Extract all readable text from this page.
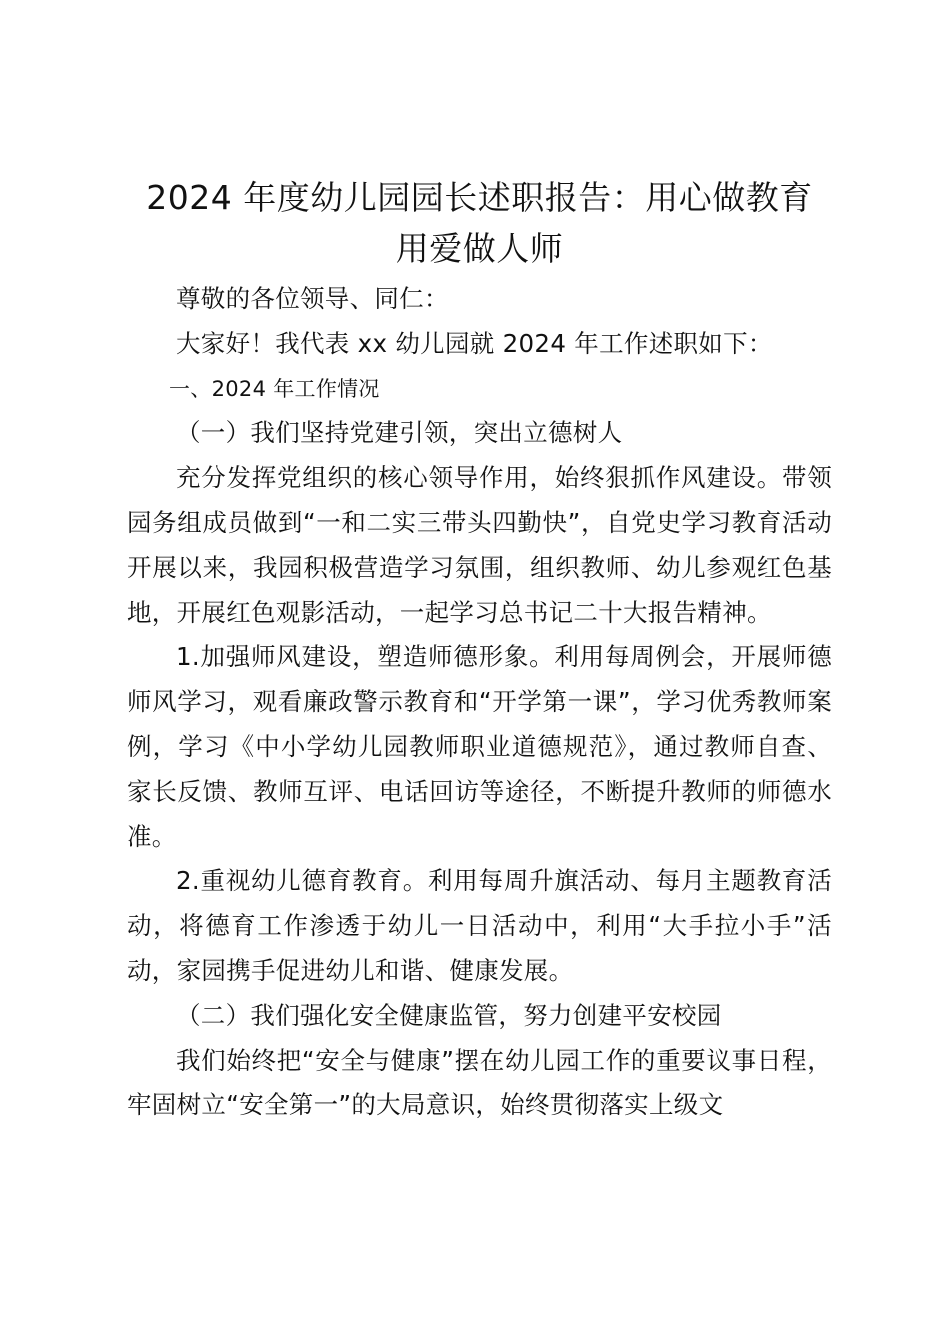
2024 年度幼儿园园长述职报告：用心做教育
用爱做人师

尊敬的各位领导、同仁：

大家好！我代表 xx 幼儿园就 2024 年工作述职如下：

一、2024 年工作情况

（一）我们坚持党建引领，突出立德树人

充分发挥党组织的核心领导作用，始终狠抓作风建设。带领园务组成员做到“一和二实三带头四勤快”，自党史学习教育活动开展以来，我园积极营造学习氛围，组织教师、幼儿参观红色基地，开展红色观影活动，一起学习总书记二十大报告精神。

1.加强师风建设，塑造师德形象。利用每周例会，开展师德师风学习，观看廉政警示教育和“开学第一课”，学习优秀教师案例，学习《中小学幼儿园教师职业道德规范》，通过教师自查、家长反馈、教师互评、电话回访等途径，不断提升教师的师德水准。

2.重视幼儿德育教育。利用每周升旗活动、每月主题教育活动，将德育工作渗透于幼儿一日活动中，利用“大手拉小手”活动，家园携手促进幼儿和谐、健康发展。

（二）我们强化安全健康监管，努力创建平安校园

我们始终把“安全与健康”摆在幼儿园工作的重要议事日程，牢固树立“安全第一”的大局意识，始终贯彻落实上级文
